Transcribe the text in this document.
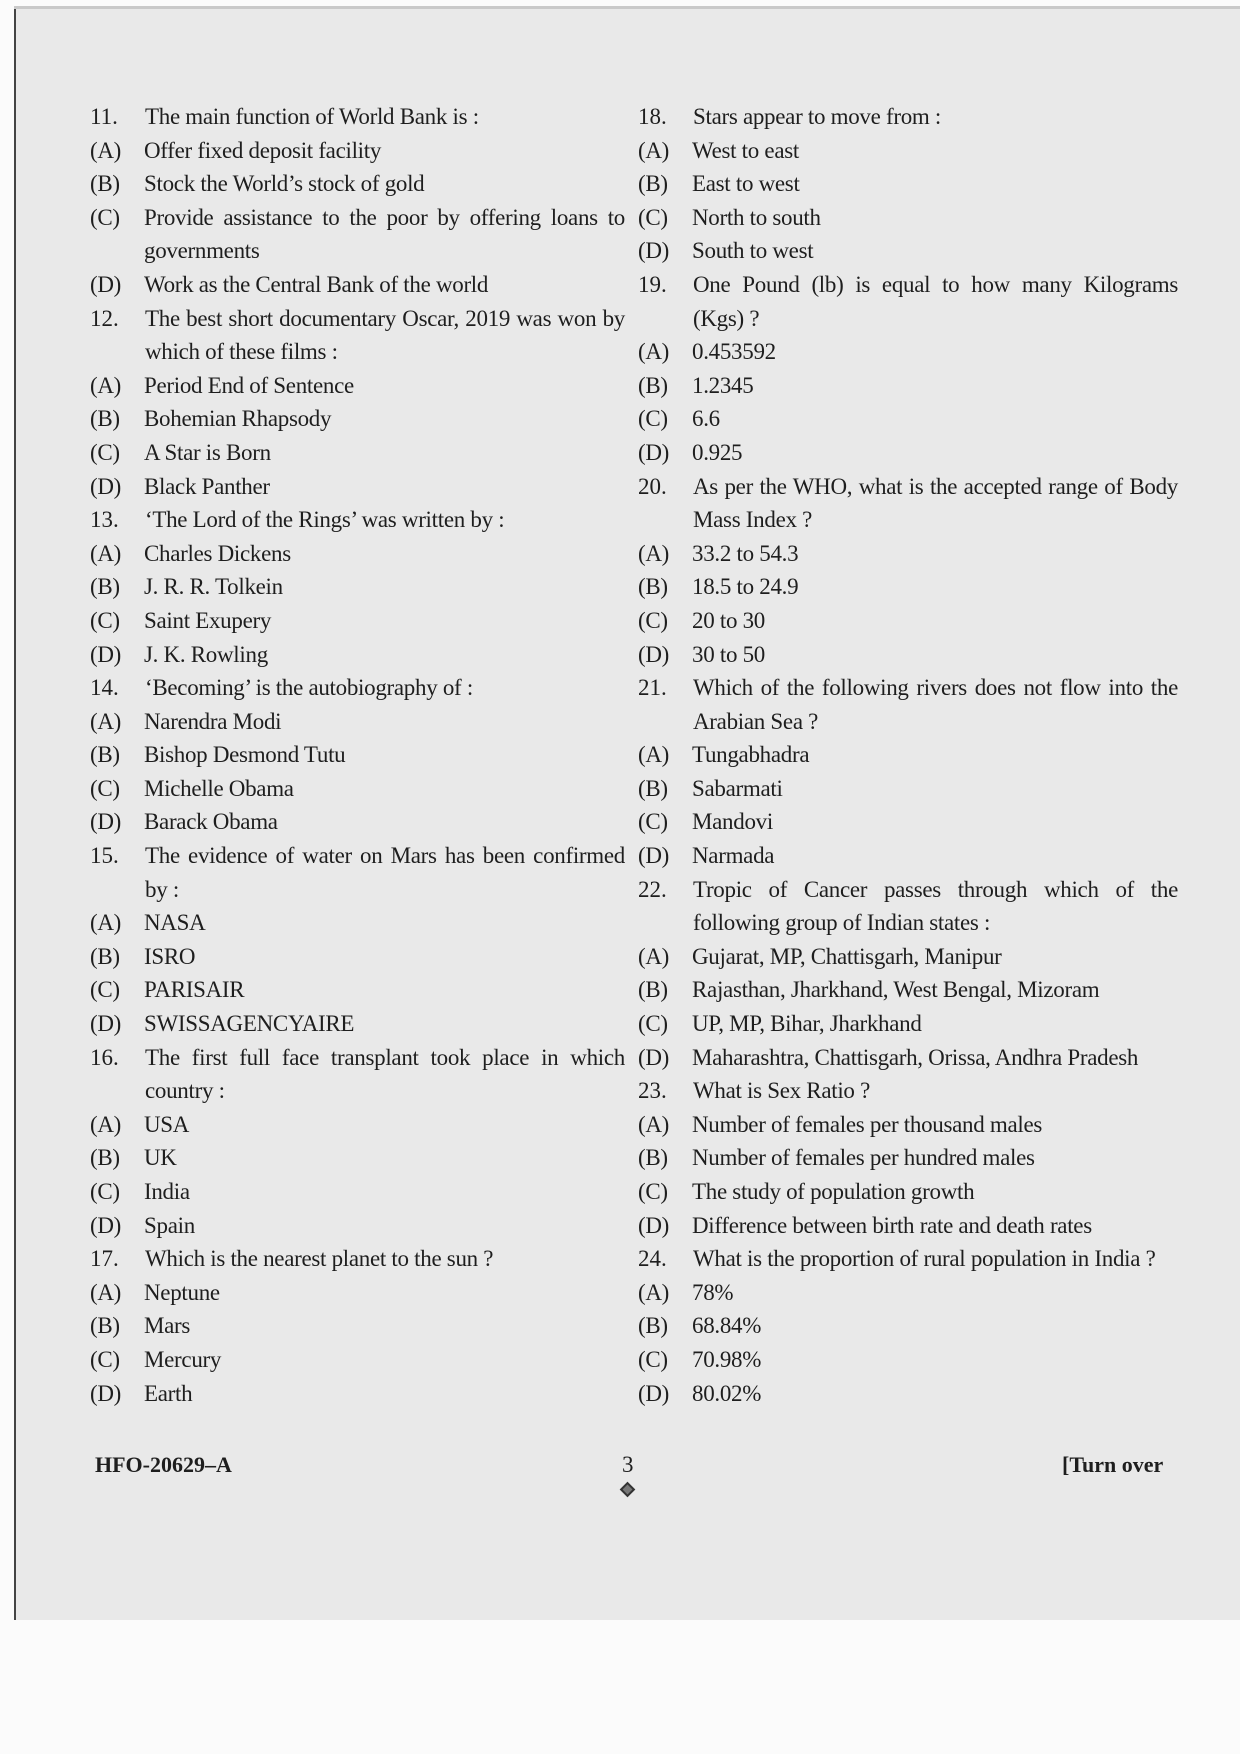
11. The main function of World Bank is :
(A) Offer fixed deposit facility
(B) Stock the World’s stock of gold
(C) Provide assistance to the poor by offering loans to governments
(D) Work as the Central Bank of the world
12. The best short documentary Oscar, 2019 was won by which of these films :
(A) Period End of Sentence
(B) Bohemian Rhapsody
(C) A Star is Born
(D) Black Panther
13. ‘The Lord of the Rings’ was written by :
(A) Charles Dickens
(B) J. R. R. Tolkein
(C) Saint Exupery
(D) J. K. Rowling
14. ‘Becoming’ is the autobiography of :
(A) Narendra Modi
(B) Bishop Desmond Tutu
(C) Michelle Obama
(D) Barack Obama
15. The evidence of water on Mars has been confirmed by :
(A) NASA
(B) ISRO
(C) PARISAIR
(D) SWISSAGENCYAIRE
16. The first full face transplant took place in which country :
(A) USA
(B) UK
(C) India
(D) Spain
17. Which is the nearest planet to the sun ?
(A) Neptune
(B) Mars
(C) Mercury
(D) Earth
18. Stars appear to move from :
(A) West to east
(B) East to west
(C) North to south
(D) South to west
19. One Pound (lb) is equal to how many Kilograms (Kgs) ?
(A) 0.453592
(B) 1.2345
(C) 6.6
(D) 0.925
20. As per the WHO, what is the accepted range of Body Mass Index ?
(A) 33.2 to 54.3
(B) 18.5 to 24.9
(C) 20 to 30
(D) 30 to 50
21. Which of the following rivers does not flow into the Arabian Sea ?
(A) Tungabhadra
(B) Sabarmati
(C) Mandovi
(D) Narmada
22. Tropic of Cancer passes through which of the following group of Indian states :
(A) Gujarat, MP, Chattisgarh, Manipur
(B) Rajasthan, Jharkhand, West Bengal, Mizoram
(C) UP, MP, Bihar, Jharkhand
(D) Maharashtra, Chattisgarh, Orissa, Andhra Pradesh
23. What is Sex Ratio ?
(A) Number of females per thousand males
(B) Number of females per hundred males
(C) The study of population growth
(D) Difference between birth rate and death rates
24. What is the proportion of rural population in India ?
(A) 78%
(B) 68.84%
(C) 70.98%
(D) 80.02%
HFO-20629–A	3	[Turn over
